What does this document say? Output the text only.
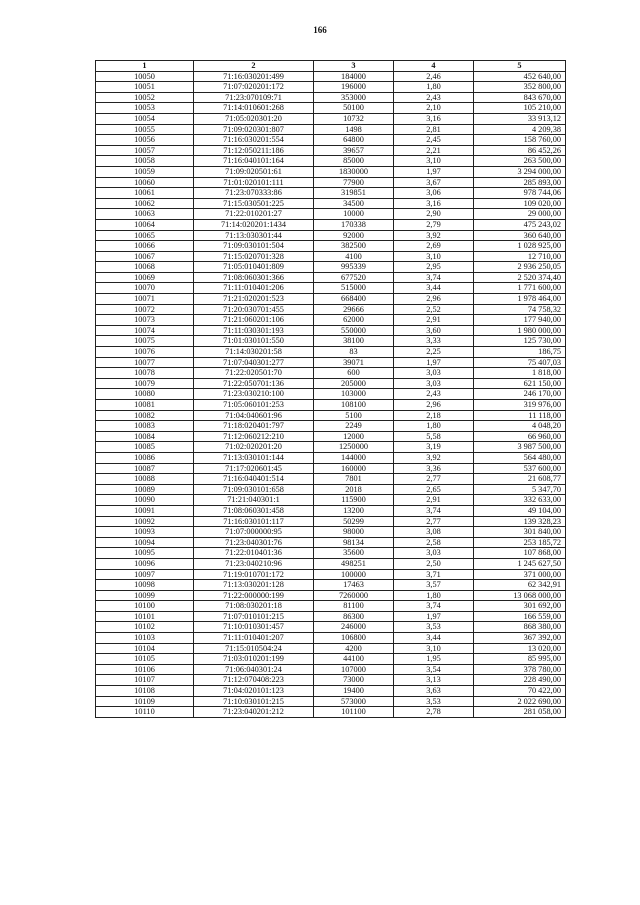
166
1	2	3	4	5
10050	71:16:030201:499	184000	2,46	452 640,00
10051	71:07:020201:172	196000	1,80	352 800,00
10052	71:23:070109:71	353000	2,43	843 670,00
10053	71:14:010601:268	50100	2,10	105 210,00
10054	71:05:020301:20	10732	3,16	33 913,12
10055	71:09:020301:807	1498	2,81	4 209,38
10056	71:16:030201:554	64800	2,45	158 760,00
10057	71:12:050211:186	39657	2,21	86 452,26
10058	71:16:040101:164	85000	3,10	263 500,00
10059	71:09:020501:61	1830000	1,97	3 294 000,00
10060	71:01:020101:111	77900	3,67	285 893,00
10061	71:23:070333:86	319851	3,06	978 744,06
10062	71:15:030501:225	34500	3,16	109 020,00
10063	71:22:010201:27	10000	2,90	29 000,00
10064	71:14:020201:1434	170338	2,79	475 243,02
10065	71:13:030301:44	92000	3,92	360 640,00
10066	71:09:030101:504	382500	2,69	1 028 925,00
10067	71:15:020701:328	4100	3,10	12 710,00
10068	71:05:010401:809	995339	2,95	2 936 250,05
10069	71:08:060301:366	677520	3,74	2 520 374,40
10070	71:11:010401:206	515000	3,44	1 771 600,00
10071	71:21:020201:523	668400	2,96	1 978 464,00
10072	71:20:030701:455	29666	2,52	74 758,32
10073	71:21:060201:106	62000	2,91	177 940,00
10074	71:11:030301:193	550000	3,60	1 980 000,00
10075	71:01:030101:550	38100	3,33	125 730,00
10076	71:14:030201:58	83	2,25	186,75
10077	71:07:040301:277	39071	1,97	75 407,03
10078	71:22:020501:70	600	3,03	1 818,00
10079	71:22:050701:136	205000	3,03	621 150,00
10080	71:23:030210:100	103000	2,43	246 170,00
10081	71:05:060101:253	108100	2,96	319 976,00
10082	71:04:040601:96	5100	2,18	11 118,00
10083	71:18:020401:797	2249	1,80	4 048,20
10084	71:12:060212:210	12000	5,58	66 960,00
10085	71:02:020201:20	1250000	3,19	3 987 500,00
10086	71:13:030101:144	144000	3,92	564 480,00
10087	71:17:020601:45	160000	3,36	537 600,00
10088	71:16:040401:514	7801	2,77	21 608,77
10089	71:09:030101:658	2018	2,65	5 347,70
10090	71:21:040301:1	115900	2,91	332 633,00
10091	71:08:060301:458	13200	3,74	49 104,00
10092	71:16:030101:117	50299	2,77	139 328,23
10093	71:07:000000:95	98000	3,08	301 840,00
10094	71:23:040301:76	98134	2,58	253 185,72
10095	71:22:010401:36	35600	3,03	107 868,00
10096	71:23:040210:96	498251	2,50	1 245 627,50
10097	71:19:010701:172	100000	3,71	371 000,00
10098	71:13:030201:128	17463	3,57	62 342,91
10099	71:22:000000:199	7260000	1,80	13 068 000,00
10100	71:08:030201:18	81100	3,74	301 692,00
10101	71:07:010101:215	86300	1,97	166 559,00
10102	71:10:010301:457	246000	3,53	868 380,00
10103	71:11:010401:207	106800	3,44	367 392,00
10104	71:15:010504:24	4200	3,10	13 020,00
10105	71:03:010201:199	44100	1,95	85 995,00
10106	71:06:040301:24	107000	3,54	378 780,00
10107	71:12:070408:223	73000	3,13	228 490,00
10108	71:04:020101:123	19400	3,63	70 422,00
10109	71:10:030101:215	573000	3,53	2 022 690,00
10110	71:23:040201:212	101100	2,78	281 058,00
